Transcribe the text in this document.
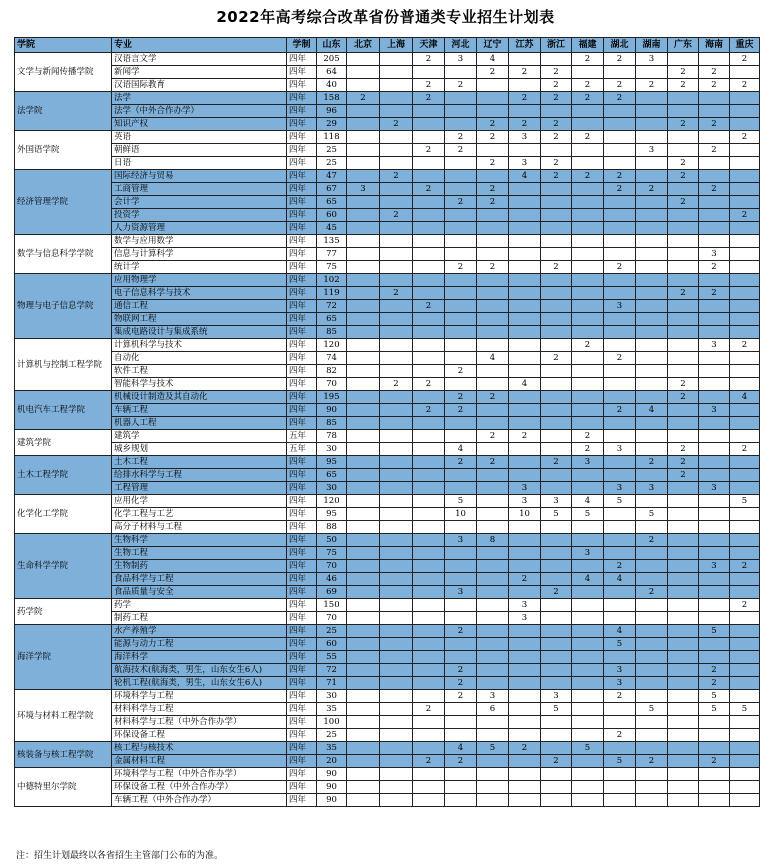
2022年高考综合改革省份普通类专业招生计划表
学院	专业	学制	山东	北京	上海	天津	河北	辽宁	江苏	浙江	福建	湖北	湖南	广东	海南	重庆
文学与新闻传播学院	汉语言文学	四年	205			2	3	4			2	2	3			2
	新闻学	四年	64					2	2	2				2	2	
	汉语国际教育	四年	40			2	2			2	2	2	2	2	2	2
法学院	法学	四年	158	2		2			2	2	2	2				
	法学（中外合作办学）	四年	96													
	知识产权	四年	29		2			2	2	2				2	2	
外国语学院	英语	四年	118				2	2	3	2	2					2
	朝鲜语	四年	25			2	2						3		2	
	日语	四年	25					2	3	2				2		
经济管理学院	国际经济与贸易	四年	47		2				4	2	2	2		2		
	工商管理	四年	67	3		2		2				2	2		2	
	会计学	四年	65				2	2						2		
	投资学	四年	60		2											2
	人力资源管理	四年	45													
数学与信息科学学院	数学与应用数学	四年	135													
	信息与计算科学	四年	77												3	
	统计学	四年	75				2	2		2		2			2	
物理与电子信息学院	应用物理学	四年	102													
	电子信息科学与技术	四年	119		2									2	2	
	通信工程	四年	72			2						3				
	物联网工程	四年	65													
	集成电路设计与集成系统	四年	85													
计算机与控制工程学院	计算机科学与技术	四年	120								2				3	2
	自动化	四年	74					4		2		2				
	软件工程	四年	82				2									
	智能科学与技术	四年	70		2	2			4					2		
机电汽车工程学院	机械设计制造及其自动化	四年	195				2	2						2		4
	车辆工程	四年	90			2	2					2	4		3	
	机器人工程	四年	85													
建筑学院	建筑学	五年	78					2	2		2					
	城乡规划	五年	30				4				2	3		2		2
土木工程学院	土木工程	四年	95				2	2		2	3		2	2		
	给排水科学与工程	四年	65											2		
	工程管理	四年	30						3			3	3		3	
化学化工学院	应用化学	四年	120				5		3	3	4	5				5
	化学工程与工艺	四年	95				10		10	5	5		5			
	高分子材料与工程	四年	88													
生命科学学院	生物科学	四年	50				3	8					2			
	生物工程	四年	75								3					
	生物制药	四年	70									2			3	2
	食品科学与工程	四年	46						2		4	4				
	食品质量与安全	四年	69				3			2			2			
药学院	药学	四年	150						3							2
	制药工程	四年	70						3							
海洋学院	水产养殖学	四年	25				2					4			5	
	能源与动力工程	四年	60									5				
	海洋科学	四年	55													
	航海技术(航海类，男生，山东女生6人)	四年	72				2					3			2	
	轮机工程(航海类，男生，山东女生6人)	四年	71				2					3			2	
环境与材料工程学院	环境科学与工程	四年	30				2	3		3		2			5	
	材料科学与工程	四年	35			2		6		5			5		5	5
	材料科学与工程（中外合作办学）	四年	100													
	环保设备工程	四年	25									2				
核装备与核工程学院	核工程与核技术	四年	35				4	5	2		5					
	金属材料工程	四年	20			2	2			2		5	2		2	
中德特里尔学院	环境科学与工程（中外合作办学）	四年	90													
	环保设备工程（中外合作办学）	四年	90													
	车辆工程（中外合作办学）	四年	90													
注：招生计划最终以各省招生主管部门公布的为准。
